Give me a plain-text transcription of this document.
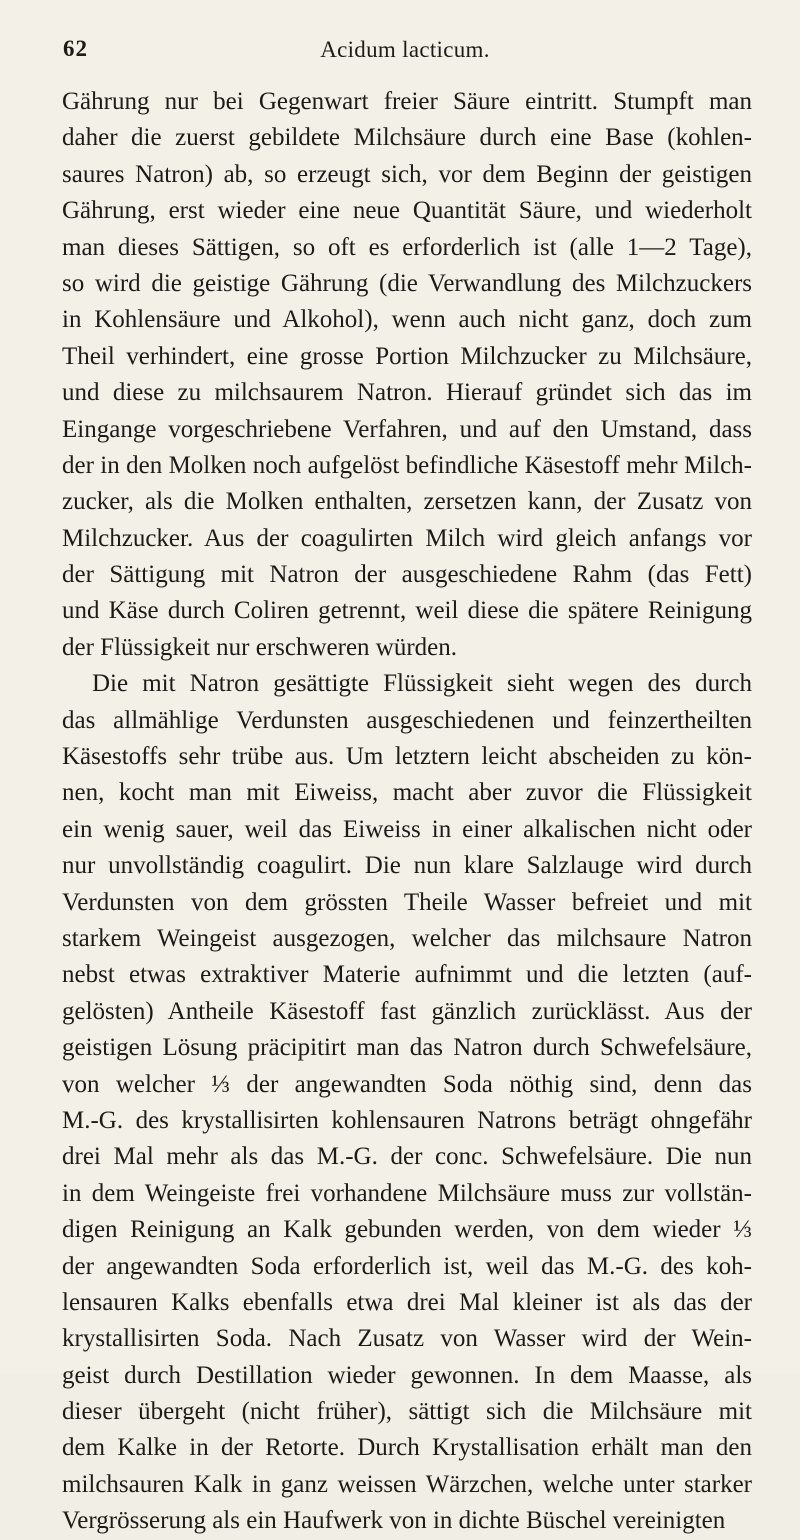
62	Acidum lacticum.
Gährung nur bei Gegenwart freier Säure eintritt. Stumpft man
daher die zuerst gebildete Milchsäure durch eine Base (kohlen-
saures Natron) ab, so erzeugt sich, vor dem Beginn der geistigen
Gährung, erst wieder eine neue Quantität Säure, und wiederholt
man dieses Sättigen, so oft es erforderlich ist (alle 1—2 Tage),
so wird die geistige Gährung (die Verwandlung des Milchzuckers
in Kohlensäure und Alkohol), wenn auch nicht ganz, doch zum
Theil verhindert, eine grosse Portion Milchzucker zu Milchsäure,
und diese zu milchsaurem Natron. Hierauf gründet sich das im
Eingange vorgeschriebene Verfahren, und auf den Umstand, dass
der in den Molken noch aufgelöst befindliche Käsestoff mehr Milch-
zucker, als die Molken enthalten, zersetzen kann, der Zusatz von
Milchzucker. Aus der coagulirten Milch wird gleich anfangs vor
der Sättigung mit Natron der ausgeschiedene Rahm (das Fett)
und Käse durch Coliren getrennt, weil diese die spätere Reinigung
der Flüssigkeit nur erschweren würden.
Die mit Natron gesättigte Flüssigkeit sieht wegen des durch
das allmählige Verdunsten ausgeschiedenen und feinzertheilten
Käsestoffs sehr trübe aus. Um letztern leicht abscheiden zu kön-
nen, kocht man mit Eiweiss, macht aber zuvor die Flüssigkeit
ein wenig sauer, weil das Eiweiss in einer alkalischen nicht oder
nur unvollständig coagulirt. Die nun klare Salzlauge wird durch
Verdunsten von dem grössten Theile Wasser befreiet und mit
starkem Weingeist ausgezogen, welcher das milchsaure Natron
nebst etwas extraktiver Materie aufnimmt und die letzten (auf-
gelösten) Antheile Käsestoff fast gänzlich zurücklässt. Aus der
geistigen Lösung präcipitirt man das Natron durch Schwefelsäure,
von welcher ⅓ der angewandten Soda nöthig sind, denn das
M.-G. des krystallisirten kohlensauren Natrons beträgt ohngefähr
drei Mal mehr als das M.-G. der conc. Schwefelsäure. Die nun
in dem Weingeiste frei vorhandene Milchsäure muss zur vollstän-
digen Reinigung an Kalk gebunden werden, von dem wieder ⅓
der angewandten Soda erforderlich ist, weil das M.-G. des koh-
lensauren Kalks ebenfalls etwa drei Mal kleiner ist als das der
krystallisirten Soda. Nach Zusatz von Wasser wird der Wein-
geist durch Destillation wieder gewonnen. In dem Maasse, als
dieser übergeht (nicht früher), sättigt sich die Milchsäure mit
dem Kalke in der Retorte. Durch Krystallisation erhält man den
milchsauren Kalk in ganz weissen Wärzchen, welche unter starker
Vergrösserung als ein Haufwerk von in dichte Büschel vereinigten
